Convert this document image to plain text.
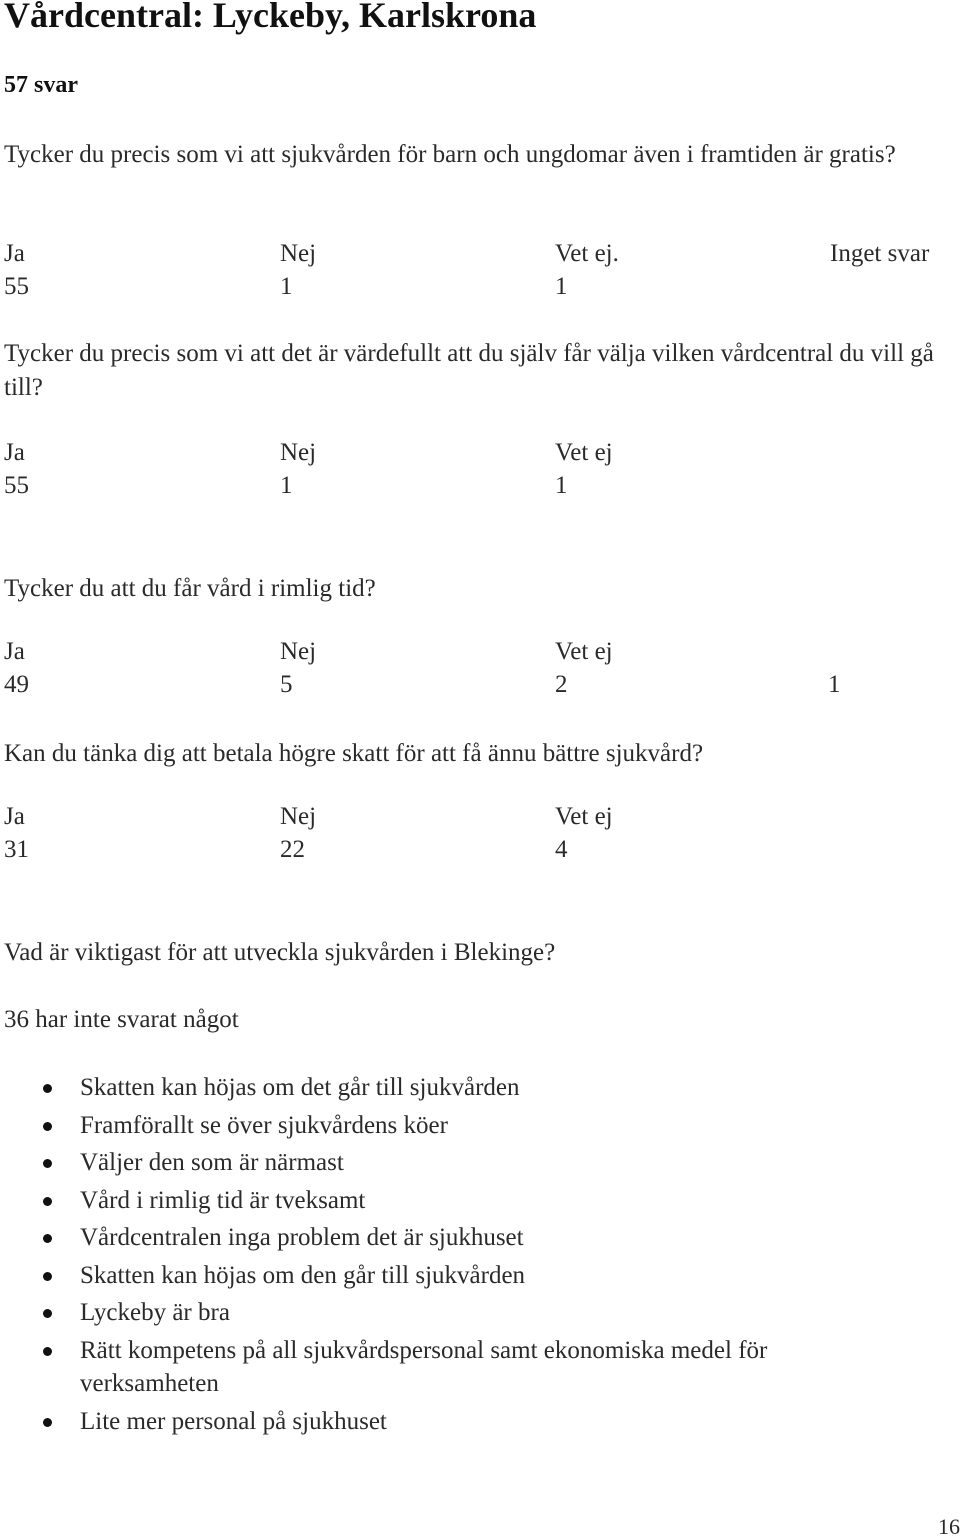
Vårdcentral: Lyckeby, Karlskrona
57 svar
Tycker du precis som vi att sjukvården för barn och ungdomar även i framtiden är gratis?
Ja	Nej	Vet ej.	Inget svar
55	1	1
Tycker du precis som vi att det är värdefullt att du själv får välja vilken vårdcentral du vill gå till?
Ja	Nej	Vet ej
55	1	1
Tycker du att du får vård i rimlig tid?
Ja	Nej	Vet ej
49	5	2	1
Kan du tänka dig att betala högre skatt för att få ännu bättre sjukvård?
Ja	Nej	Vet ej
31	22	4
Vad är viktigast för att utveckla sjukvården i Blekinge?
36 har inte svarat något
Skatten kan höjas om det går till sjukvården
Framförallt se över sjukvårdens köer
Väljer den som är närmast
Vård i rimlig tid är tveksamt
Vårdcentralen inga problem det är sjukhuset
Skatten kan höjas om den går till sjukvården
Lyckeby är bra
Rätt kompetens på all sjukvårdspersonal samt ekonomiska medel för verksamheten
Lite mer personal på sjukhuset
16
